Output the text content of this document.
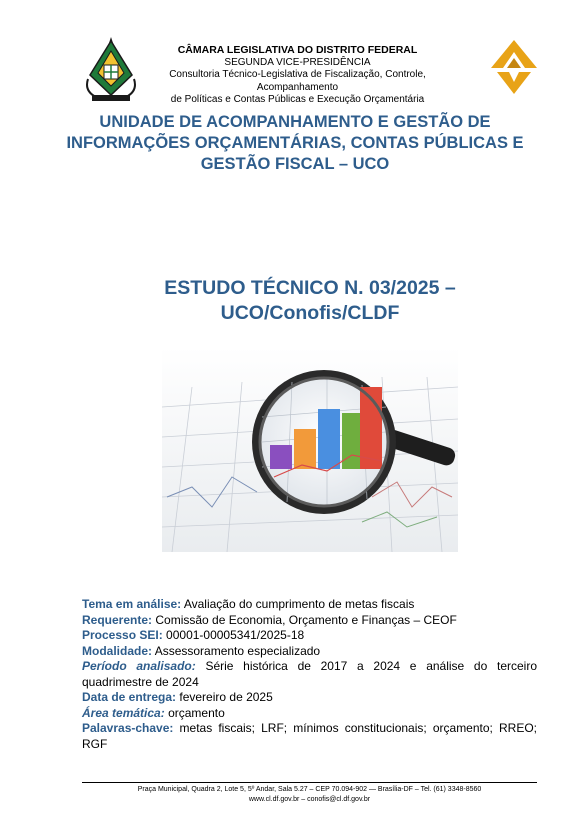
CÂMARA LEGISLATIVA DO DISTRITO FEDERAL
SEGUNDA VICE-PRESIDÊNCIA
Consultoria Técnico-Legislativa de Fiscalização, Controle, Acompanhamento
de Políticas e Contas Públicas e Execução Orçamentária
UNIDADE DE ACOMPANHAMENTO E GESTÃO DE
INFORMAÇÕES ORÇAMENTÁRIAS, CONTAS PÚBLICAS E
GESTÃO FISCAL – UCO
ESTUDO TÉCNICO N. 03/2025 –
UCO/Conofis/CLDF

Tema em análise: Avaliação do cumprimento de metas fiscais

Requerente: Comissão de Economia, Orçamento e Finanças – CEOF

Processo SEI: 00001-00005341/2025-18

Modalidade: Assessoramento especializado

Período analisado: Série histórica de 2017 a 2024 e análise do terceiro quadrimestre de 2024

Data de entrega: fevereiro de 2025

Área temática: orçamento

Palavras-chave: metas fiscais; LRF; mínimos constitucionais; orçamento; RREO; RGF

Praça Municipal, Quadra 2, Lote 5, 5º Andar, Sala 5.27 – CEP 70.094-902 — Brasília-DF – Tel. (61) 3348-8560
www.cl.df.gov.br – conofis@cl.df.gov.br
